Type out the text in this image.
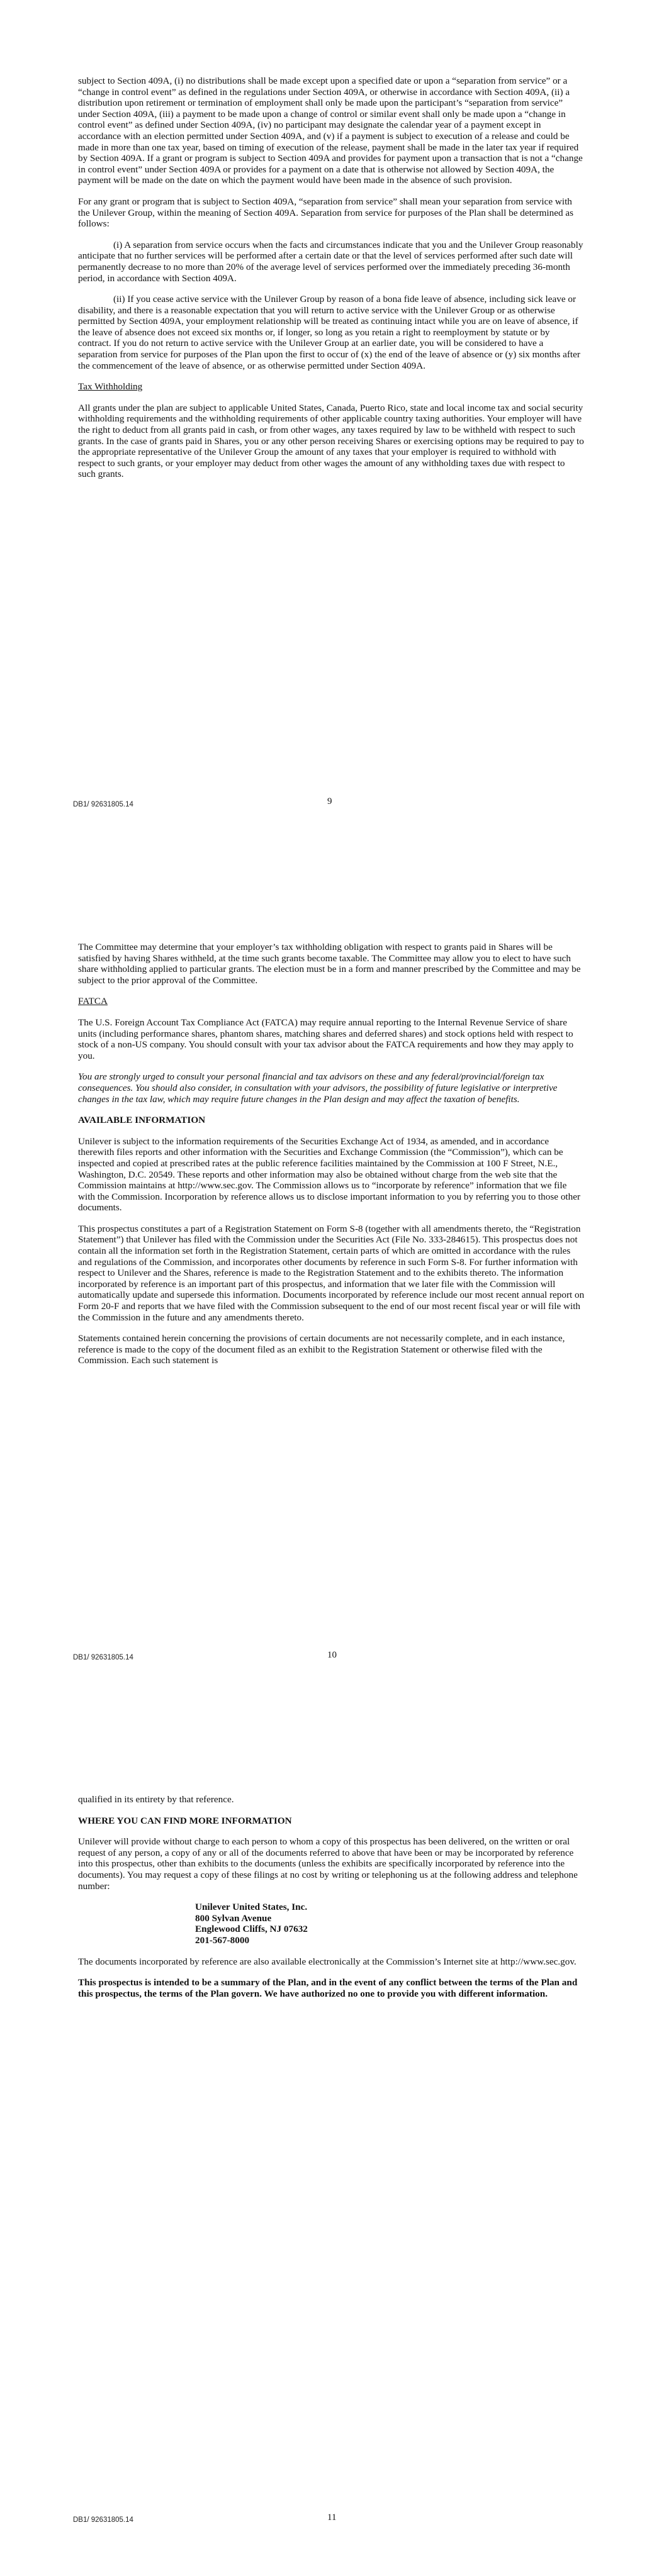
subject to Section 409A, (i) no distributions shall be made except upon a specified date or upon a “separation from service” or a “change in control event” as defined in the regulations under Section 409A, or otherwise in accordance with Section 409A, (ii) a distribution upon retirement or termination of employment shall only be made upon the participant’s “separation from service” under Section 409A, (iii) a payment to be made upon a change of control or similar event shall only be made upon a “change in control event” as defined under Section 409A, (iv) no participant may designate the calendar year of a payment except in accordance with an election permitted under Section 409A, and (v) if a payment is subject to execution of a release and could be made in more than one tax year, based on timing of execution of the release, payment shall be made in the later tax year if required by Section 409A. If a grant or program is subject to Section 409A and provides for payment upon a transaction that is not a “change in control event” under Section 409A or provides for a payment on a date that is otherwise not allowed by Section 409A, the payment will be made on the date on which the payment would have been made in the absence of such provision.

For any grant or program that is subject to Section 409A, “separation from service” shall mean your separation from service with the Unilever Group, within the meaning of Section 409A. Separation from service for purposes of the Plan shall be determined as follows:

(i) A separation from service occurs when the facts and circumstances indicate that you and the Unilever Group reasonably anticipate that no further services will be performed after a certain date or that the level of services performed after such date will permanently decrease to no more than 20% of the average level of services performed over the immediately preceding 36-month period, in accordance with Section 409A.

(ii) If you cease active service with the Unilever Group by reason of a bona fide leave of absence, including sick leave or disability, and there is a reasonable expectation that you will return to active service with the Unilever Group or as otherwise permitted by Section 409A, your employment relationship will be treated as continuing intact while you are on leave of absence, if the leave of absence does not exceed six months or, if longer, so long as you retain a right to reemployment by statute or by contract. If you do not return to active service with the Unilever Group at an earlier date, you will be considered to have a separation from service for purposes of the Plan upon the first to occur of (x) the end of the leave of absence or (y) six months after the commencement of the leave of absence, or as otherwise permitted under Section 409A.

Tax Withholding

All grants under the plan are subject to applicable United States, Canada, Puerto Rico, state and local income tax and social security withholding requirements and the withholding requirements of other applicable country taxing authorities. Your employer will have the right to deduct from all grants paid in cash, or from other wages, any taxes required by law to be withheld with respect to such grants. In the case of grants paid in Shares, you or any other person receiving Shares or exercising options may be required to pay to the appropriate representative of the Unilever Group the amount of any taxes that your employer is required to withhold with respect to such grants, or your employer may deduct from other wages the amount of any withholding taxes due with respect to such grants.

DB1/ 92631805.14	9

The Committee may determine that your employer’s tax withholding obligation with respect to grants paid in Shares will be satisfied by having Shares withheld, at the time such grants become taxable. The Committee may allow you to elect to have such share withholding applied to particular grants. The election must be in a form and manner prescribed by the Committee and may be subject to the prior approval of the Committee.

FATCA

The U.S. Foreign Account Tax Compliance Act (FATCA) may require annual reporting to the Internal Revenue Service of share units (including performance shares, phantom shares, matching shares and deferred shares) and stock options held with respect to stock of a non-US company. You should consult with your tax advisor about the FATCA requirements and how they may apply to you.

You are strongly urged to consult your personal financial and tax advisors on these and any federal/provincial/foreign tax consequences. You should also consider, in consultation with your advisors, the possibility of future legislative or interpretive changes in the tax law, which may require future changes in the Plan design and may affect the taxation of benefits.

AVAILABLE INFORMATION

Unilever is subject to the information requirements of the Securities Exchange Act of 1934, as amended, and in accordance therewith files reports and other information with the Securities and Exchange Commission (the “Commission”), which can be inspected and copied at prescribed rates at the public reference facilities maintained by the Commission at 100 F Street, N.E., Washington, D.C. 20549. These reports and other information may also be obtained without charge from the web site that the Commission maintains at http://www.sec.gov. The Commission allows us to “incorporate by reference” information that we file with the Commission. Incorporation by reference allows us to disclose important information to you by referring you to those other documents.

This prospectus constitutes a part of a Registration Statement on Form S-8 (together with all amendments thereto, the “Registration Statement”) that Unilever has filed with the Commission under the Securities Act (File No. 333-284615). This prospectus does not contain all the information set forth in the Registration Statement, certain parts of which are omitted in accordance with the rules and regulations of the Commission, and incorporates other documents by reference in such Form S-8. For further information with respect to Unilever and the Shares, reference is made to the Registration Statement and to the exhibits thereto. The information incorporated by reference is an important part of this prospectus, and information that we later file with the Commission will automatically update and supersede this information. Documents incorporated by reference include our most recent annual report on Form 20-F and reports that we have filed with the Commission subsequent to the end of our most recent fiscal year or will file with the Commission in the future and any amendments thereto.

Statements contained herein concerning the provisions of certain documents are not necessarily complete, and in each instance, reference is made to the copy of the document filed as an exhibit to the Registration Statement or otherwise filed with the Commission. Each such statement is

DB1/ 92631805.14	10

qualified in its entirety by that reference.

WHERE YOU CAN FIND MORE INFORMATION

Unilever will provide without charge to each person to whom a copy of this prospectus has been delivered, on the written or oral request of any person, a copy of any or all of the documents referred to above that have been or may be incorporated by reference into this prospectus, other than exhibits to the documents (unless the exhibits are specifically incorporated by reference into the documents). You may request a copy of these filings at no cost by writing or telephoning us at the following address and telephone number:

Unilever United States, Inc.
800 Sylvan Avenue
Englewood Cliffs, NJ 07632
201-567-8000

The documents incorporated by reference are also available electronically at the Commission’s Internet site at http://www.sec.gov.

This prospectus is intended to be a summary of the Plan, and in the event of any conflict between the terms of the Plan and this prospectus, the terms of the Plan govern. We have authorized no one to provide you with different information.

DB1/ 92631805.14	11
